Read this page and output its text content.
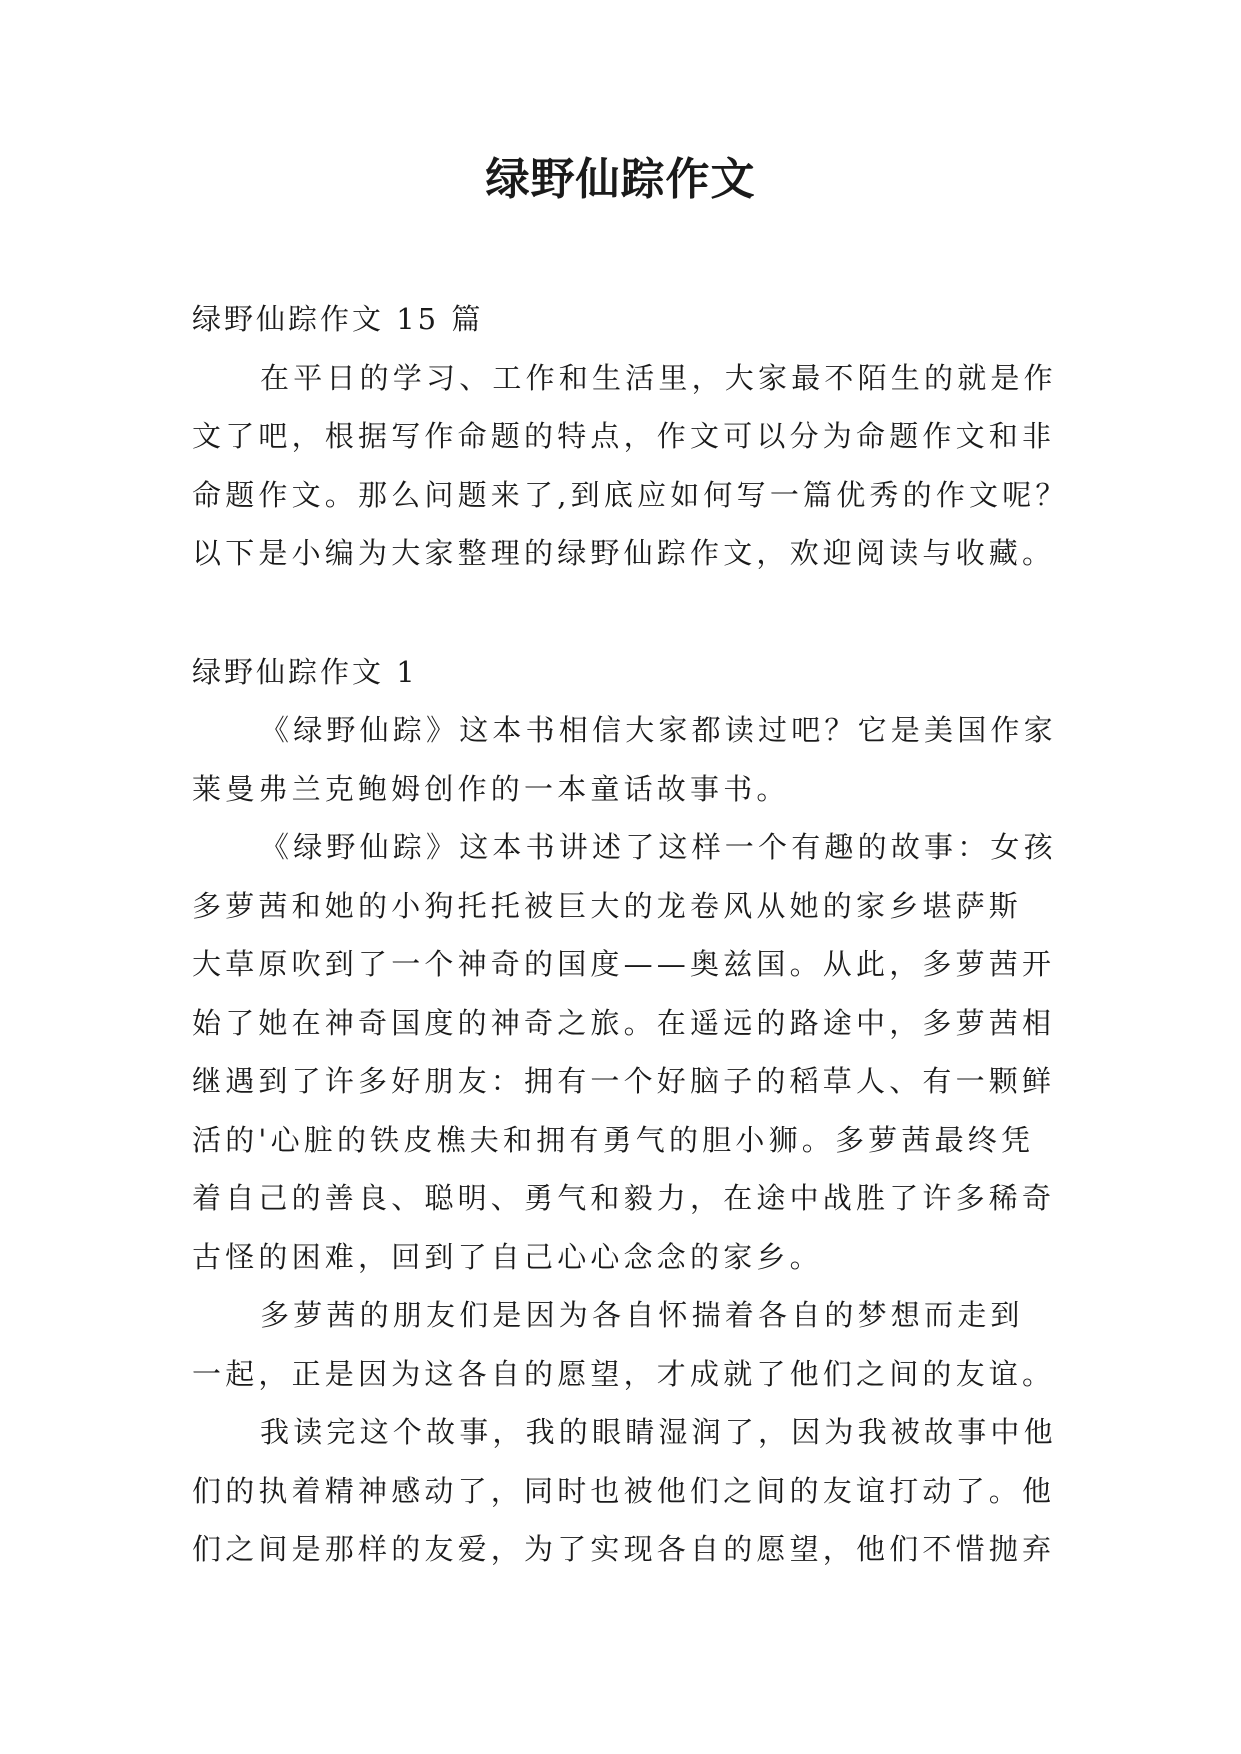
绿野仙踪作文
绿野仙踪作文 15 篇
在平日的学习、工作和生活里，大家最不陌生的就是作
文了吧，根据写作命题的特点，作文可以分为命题作文和非
命题作文。那么问题来了,到底应如何写一篇优秀的作文呢？
以下是小编为大家整理的绿野仙踪作文，欢迎阅读与收藏。
绿野仙踪作文 1
《绿野仙踪》这本书相信大家都读过吧？它是美国作家
莱曼弗兰克鲍姆创作的一本童话故事书。
《绿野仙踪》这本书讲述了这样一个有趣的故事：女孩
多萝茜和她的小狗托托被巨大的龙卷风从她的家乡堪萨斯
大草原吹到了一个神奇的国度——奥兹国。从此，多萝茜开
始了她在神奇国度的神奇之旅。在遥远的路途中，多萝茜相
继遇到了许多好朋友：拥有一个好脑子的稻草人、有一颗鲜
活的'心脏的铁皮樵夫和拥有勇气的胆小狮。多萝茜最终凭
着自己的善良、聪明、勇气和毅力，在途中战胜了许多稀奇
古怪的困难，回到了自己心心念念的家乡。
多萝茜的朋友们是因为各自怀揣着各自的梦想而走到
一起，正是因为这各自的愿望，才成就了他们之间的友谊。
我读完这个故事，我的眼睛湿润了，因为我被故事中他
们的执着精神感动了，同时也被他们之间的友谊打动了。他
们之间是那样的友爱，为了实现各自的愿望，他们不惜抛弃
